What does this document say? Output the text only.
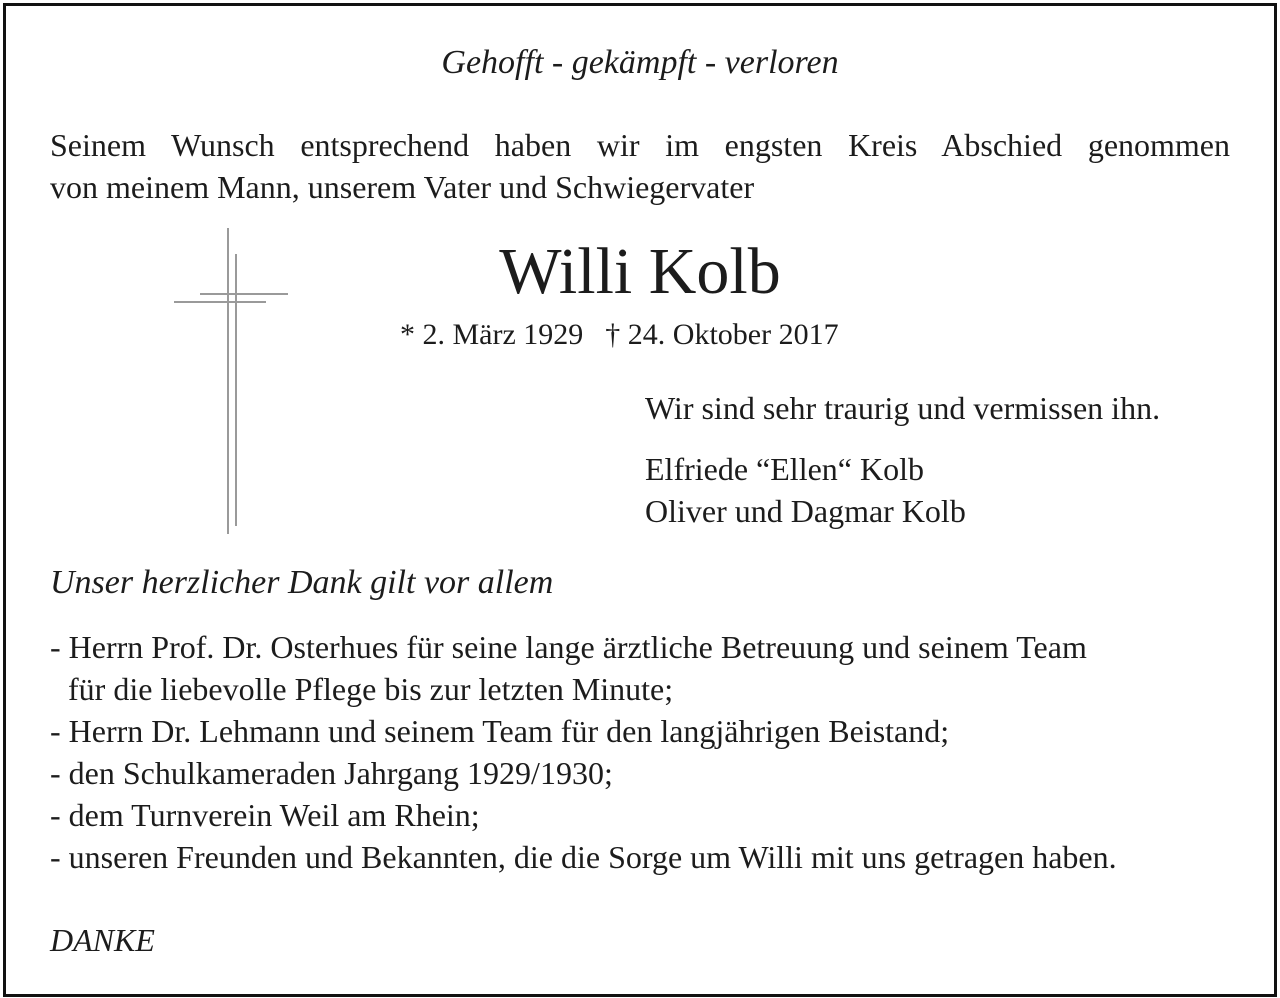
Gehofft - gekämpft - verloren
Seinem Wunsch entsprechend haben wir im engsten Kreis Abschied genommen
von meinem Mann, unserem Vater und Schwiegervater
Willi Kolb
* 2. März 1929 † 24. Oktober 2017
Wir sind sehr traurig und vermissen ihn.
Elfriede “Ellen“ Kolb
Oliver und Dagmar Kolb
Unser herzlicher Dank gilt vor allem
- Herrn Prof. Dr. Osterhues für seine lange ärztliche Betreuung und seinem Team
für die liebevolle Pflege bis zur letzten Minute;
- Herrn Dr. Lehmann und seinem Team für den langjährigen Beistand;
- den Schulkameraden Jahrgang 1929/1930;
- dem Turnverein Weil am Rhein;
- unseren Freunden und Bekannten, die die Sorge um Willi mit uns getragen haben.
DANKE
